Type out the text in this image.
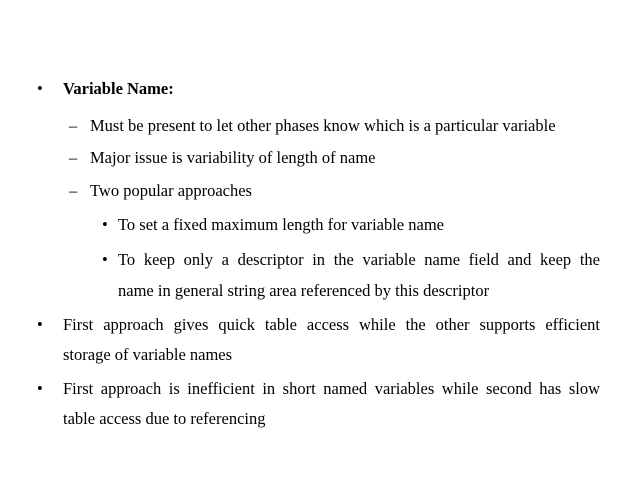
• Variable Name:
– Must be present to let other phases know which is a particular variable
– Major issue is variability of length of name
– Two popular approaches
• To set a fixed maximum length for variable name
• To keep only a descriptor in the variable name field and keep the
name in general string area referenced by this descriptor
• First approach gives quick table access while the other supports efficient
storage of variable names
• First approach is inefficient in short named variables while second has slow
table access due to referencing
